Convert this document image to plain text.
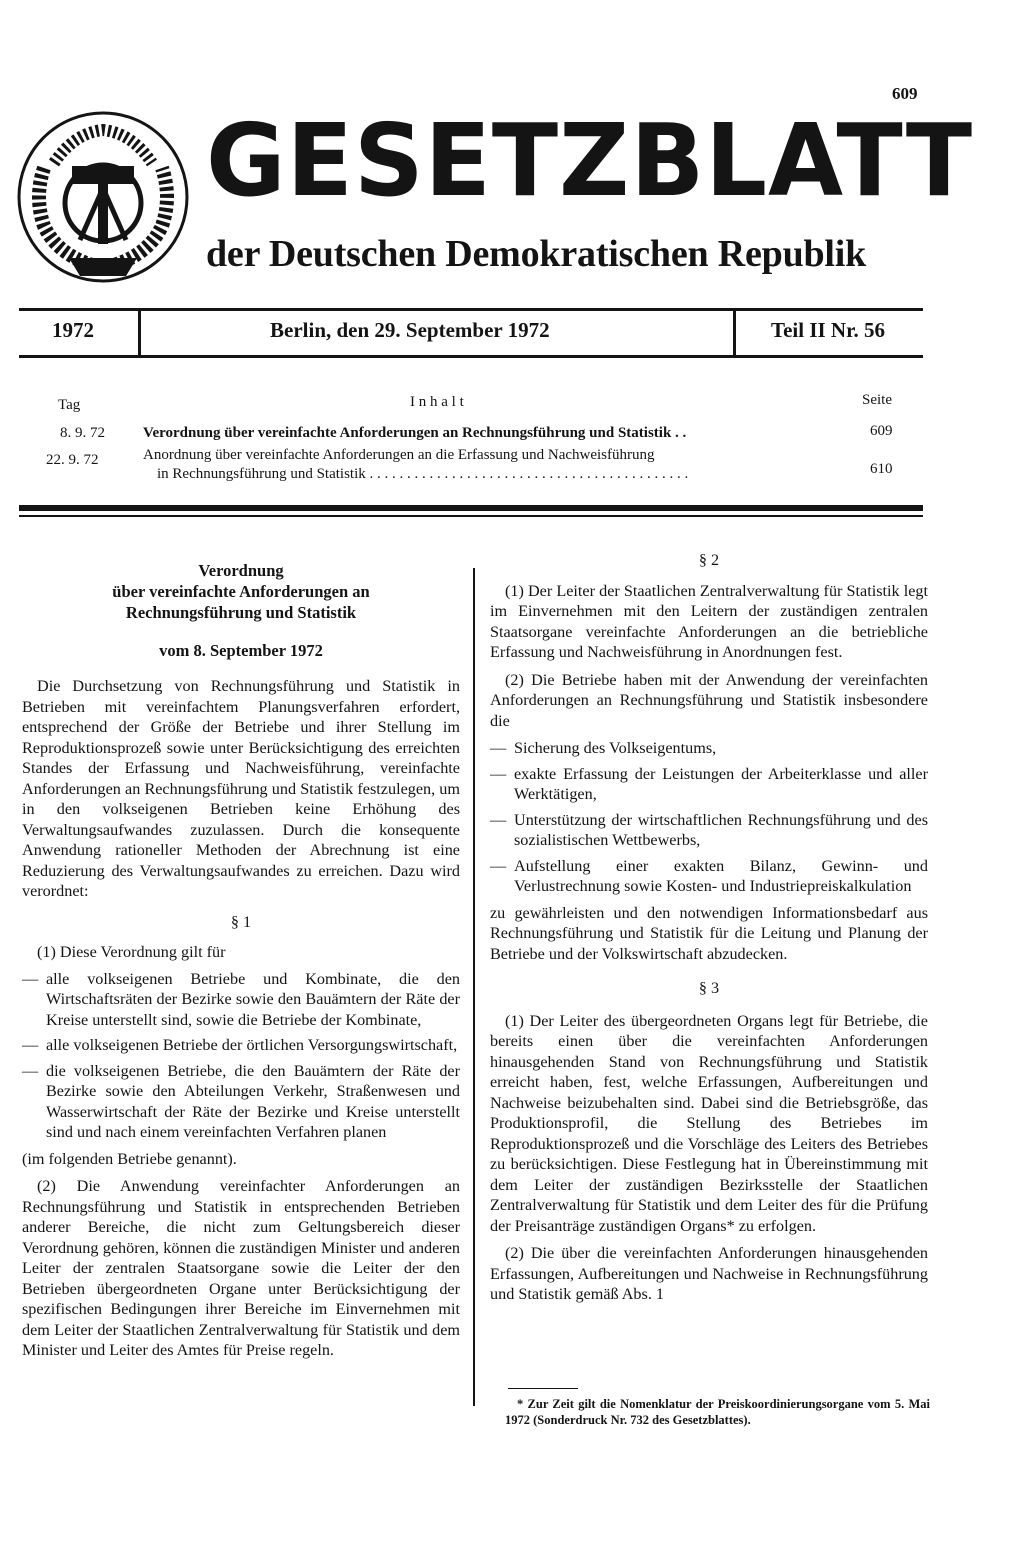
609
GESETZBLATT
der Deutschen Demokratischen Republik
1972	Berlin, den 29. September 1972	Teil II Nr. 56
Tag	I n h a l t	Seite
8. 9. 72	Verordnung über vereinfachte Anforderungen an Rechnungsführung und Statistik . .	609
22. 9. 72	Anordnung über vereinfachte Anforderungen an die Erfassung und Nachweisführung
in Rechnungsführung und Statistik . . . . . . . . . . . . . . . . . . . . . . . . . . . . . . . . . . . . . . . . . . .	610
Verordnung
über vereinfachte Anforderungen an
Rechnungsführung und Statistik
vom 8. September 1972

Die Durchsetzung von Rechnungsführung und Statistik in Betrieben mit vereinfachtem Planungsverfahren erfordert, entsprechend der Größe der Betriebe und ihrer Stellung im Reproduktionsprozeß sowie unter Berücksichtigung des erreichten Standes der Erfassung und Nachweisführung, vereinfachte Anforderungen an Rechnungsführung und Statistik festzulegen, um in den volkseigenen Betrieben keine Erhöhung des Verwaltungsaufwandes zuzulassen. Durch die konsequente Anwendung rationeller Methoden der Abrechnung ist eine Reduzierung des Verwaltungsaufwandes zu erreichen. Dazu wird verordnet:

§ 1

(1) Diese Verordnung gilt für

— alle volkseigenen Betriebe und Kombinate, die den Wirtschaftsräten der Bezirke sowie den Bauämtern der Räte der Kreise unterstellt sind, sowie die Betriebe der Kombinate,
— alle volkseigenen Betriebe der örtlichen Versorgungswirtschaft,
— die volkseigenen Betriebe, die den Bauämtern der Räte der Bezirke sowie den Abteilungen Verkehr, Straßenwesen und Wasserwirtschaft der Räte der Bezirke und Kreise unterstellt sind und nach einem vereinfachten Verfahren planen

(im folgenden Betriebe genannt).

(2) Die Anwendung vereinfachter Anforderungen an Rechnungsführung und Statistik in entsprechenden Betrieben anderer Bereiche, die nicht zum Geltungsbereich dieser Verordnung gehören, können die zuständigen Minister und anderen Leiter der zentralen Staatsorgane sowie die Leiter der den Betrieben übergeordneten Organe unter Berücksichtigung der spezifischen Bedingungen ihrer Bereiche im Einvernehmen mit dem Leiter der Staatlichen Zentralverwaltung für Statistik und dem Minister und Leiter des Amtes für Preise regeln.

§ 2

(1) Der Leiter der Staatlichen Zentralverwaltung für Statistik legt im Einvernehmen mit den Leitern der zuständigen zentralen Staatsorgane vereinfachte Anforderungen an die betriebliche Erfassung und Nachweisführung in Anordnungen fest.

(2) Die Betriebe haben mit der Anwendung der vereinfachten Anforderungen an Rechnungsführung und Statistik insbesondere die

— Sicherung des Volkseigentums,
— exakte Erfassung der Leistungen der Arbeiterklasse und aller Werktätigen,
— Unterstützung der wirtschaftlichen Rechnungsführung und des sozialistischen Wettbewerbs,
— Aufstellung einer exakten Bilanz, Gewinn- und Verlustrechnung sowie Kosten- und Industriepreiskalkulation

zu gewährleisten und den notwendigen Informationsbedarf aus Rechnungsführung und Statistik für die Leitung und Planung der Betriebe und der Volkswirtschaft abzudecken.

§ 3

(1) Der Leiter des übergeordneten Organs legt für Betriebe, die bereits einen über die vereinfachten Anforderungen hinausgehenden Stand von Rechnungsführung und Statistik erreicht haben, fest, welche Erfassungen, Aufbereitungen und Nachweise beizubehalten sind. Dabei sind die Betriebsgröße, das Produktionsprofil, die Stellung des Betriebes im Reproduktionsprozeß und die Vorschläge des Leiters des Betriebes zu berücksichtigen. Diese Festlegung hat in Übereinstimmung mit dem Leiter der zuständigen Bezirksstelle der Staatlichen Zentralverwaltung für Statistik und dem Leiter des für die Prüfung der Preisanträge zuständigen Organs* zu erfolgen.

(2) Die über die vereinfachten Anforderungen hinausgehenden Erfassungen, Aufbereitungen und Nachweise in Rechnungsführung und Statistik gemäß Abs. 1

* Zur Zeit gilt die Nomenklatur der Preiskoordinierungsorgane vom 5. Mai 1972 (Sonderdruck Nr. 732 des Gesetzblattes).
